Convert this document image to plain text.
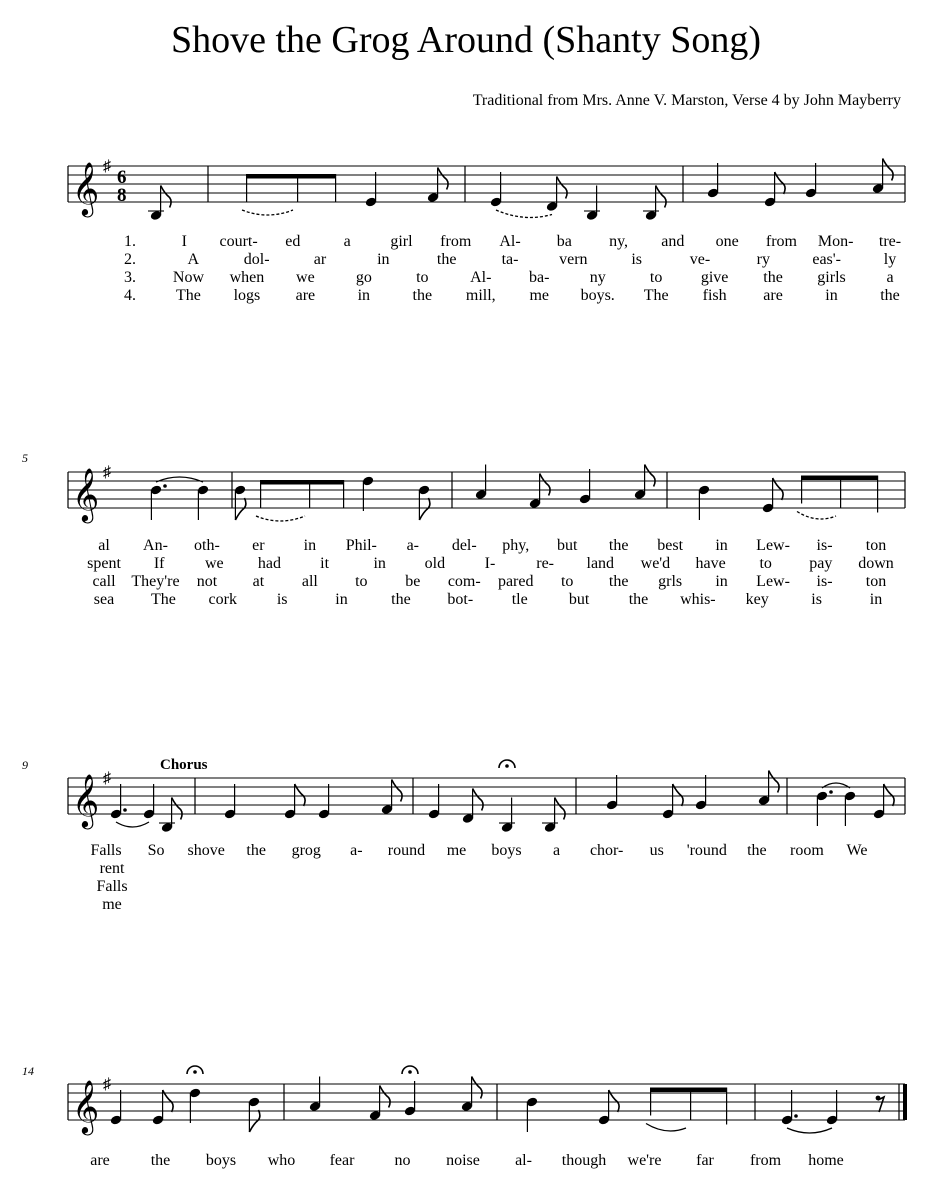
Shove the Grog Around (Shanty Song)
Traditional from Mrs. Anne V. Marston, Verse 4 by John Mayberry
Chorus
5
9
14
𝄞 ♯
6
8
𝄞 ♯
𝄞 ♯
𝄞 ♯
1.	I court- ed	a girl from Al- ba ny, and one from Mon- tre-
2.	A	dol-	ar	in	the	ta-	vern	is	ve-	ry	eas'-	ly
3. Now when we	go	to	Al- ba-	ny	to give the girls	a
4.	The logs are	in	the mill, me boys. The fish are	in	the
al An- oth- er in Phil- a- del- phy, but the best in Lew- is- ton
spent If	we had it	in old I-	re- land we'd have to pay down
call They're not at all to be com- pared to the grls in Lew- is- ton
sea The cork is	in	the bot- tle	but the whis- key	is	in
Falls So shove the grog a- round me boys a chor- us 'round the room We
rent
Falls
me
are	the boys who fear	no noise al- though we're far from home
